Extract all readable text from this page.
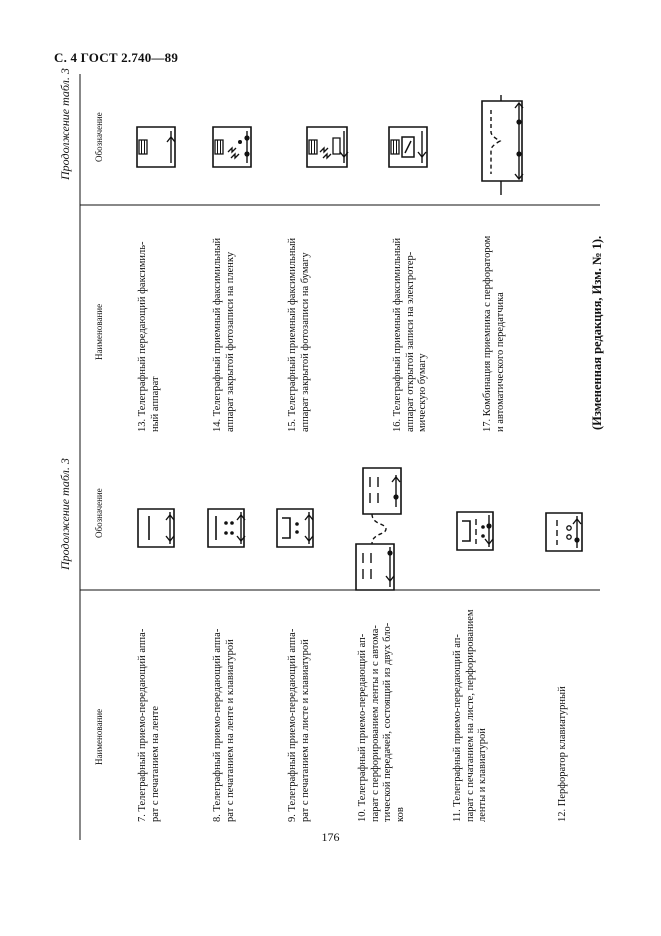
С. 4 ГОСТ 2.740—89
Продолжение табл. 3 Обозначение
Наименование	7. Телеграфный приемо-передающий аппа- рат с печатанием на ленте	8. Телеграфный приемо-передающий аппа- рат с печатанием на ленте и клавиатурой	9. Телеграфный приемо-передающий аппа- рат с печатанием на листе и клавиатурой	10. Телеграфный приемо-передающий ап- парат с перфорированием ленты и с автома- тической передачей, состоящий из двух бло- ков	11. Телеграфный приемо-передающий ап- парат с печатанием на листе, перфорированием ленты и клавиатурой	12. Перфоратор клавиатурный
Продолжение табл. 3 Обозначение
Наименование	13. Телеграфный передающий факсимиль- ный аппарат	14. Телеграфный приемный факсимильный аппарат закрытой фотозаписи на пленку	15. Телеграфный приемный факсимильный аппарат закрытой фотозаписи на бумагу	16. Телеграфный приемный факсимильный аппарат открытой записи на электротер- мическую бумагу	17. Комбинация приемника с перфоратором и автоматического передатчика	(Измененная редакция, Изм. № 1).
176
